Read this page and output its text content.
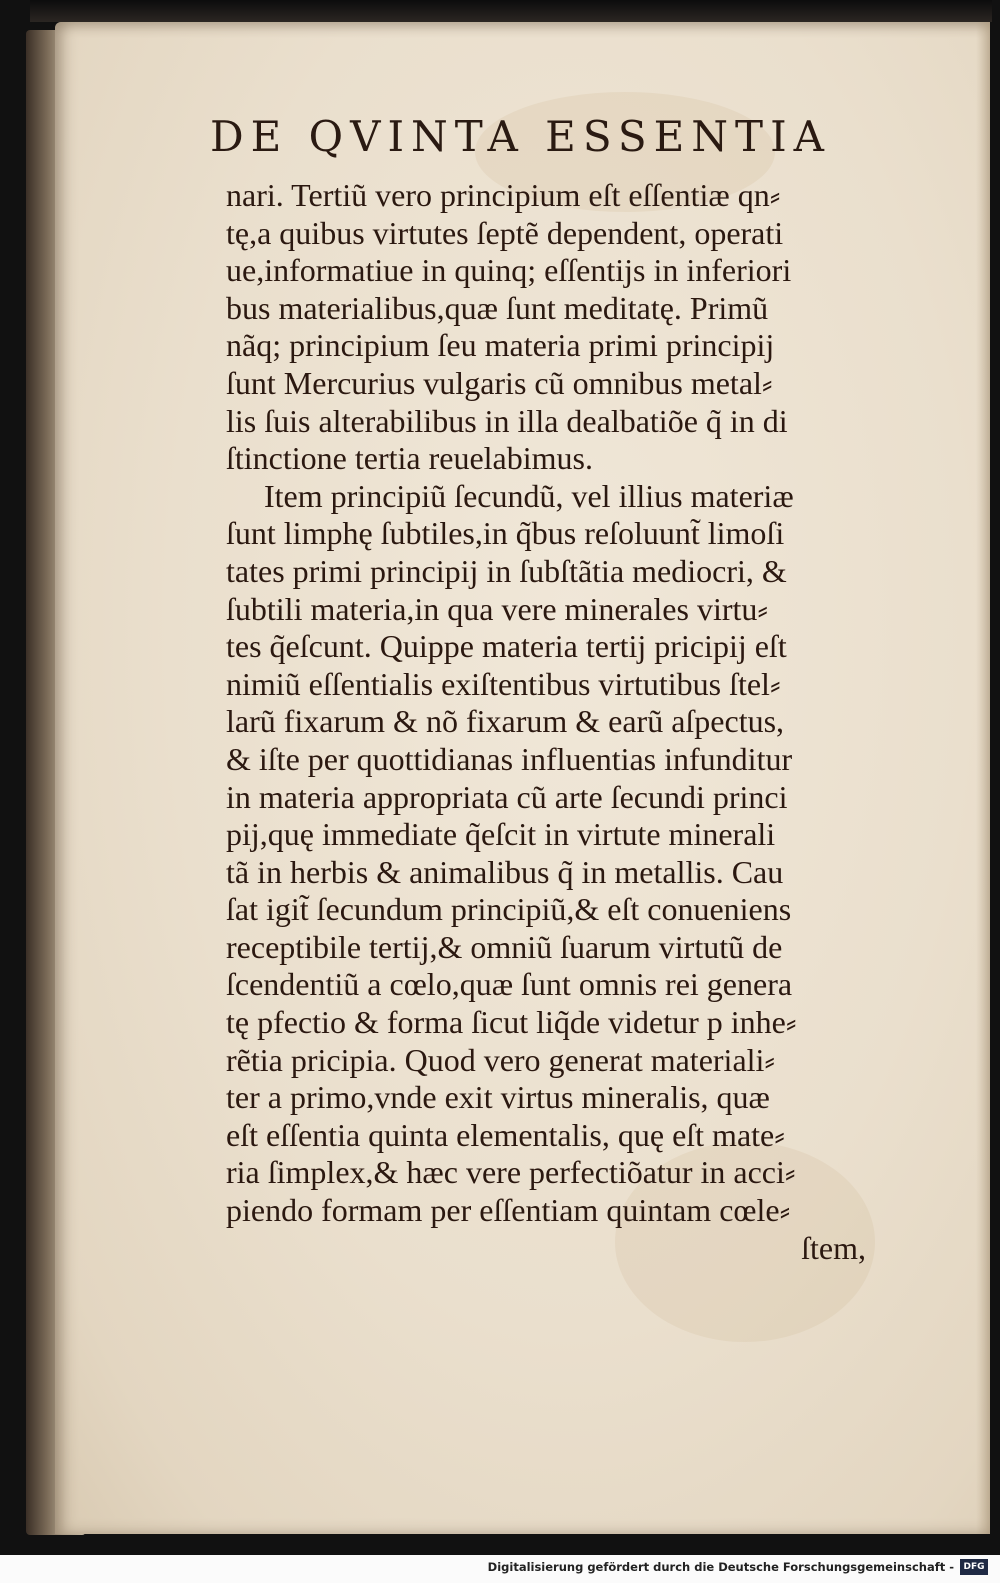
DE QVINTA ESSENTIA
nari. Tertiũ vero principium eſt eſſentiæ qn⸗
tę,a quibus virtutes ſeptẽ dependent, operati
ue,informatiue in quinq; eſſentijs in inferiori
bus materialibus,quæ ſunt meditatę. Primũ
nãq; principium ſeu materia primi principij
ſunt Mercurius vulgaris cũ omnibus metal⸗
lis ſuis alterabilibus in illa dealbatiõe q̃ in di
ſtinctione tertia reuelabimus.
Item principiũ ſecundũ, vel illius materiæ
ſunt limphę ſubtiles,in q̃bus reſoluunt̃ limoſi
tates primi principij in ſubſtãtia mediocri, &
ſubtili materia,in qua vere minerales virtu⸗
tes q̃eſcunt. Quippe materia tertij pricipij eſt
nimiũ eſſentialis exiſtentibus virtutibus ſtel⸗
larũ fixarum & nõ fixarum & earũ aſpectus,
& iſte per quottidianas influentias infunditur
in materia appropriata cũ arte ſecundi princi
pij,quę immediate q̃eſcit in virtute minerali
tã in herbis & animalibus q̃ in metallis. Cau
ſat igit̃ ſecundum principiũ,& eſt conueniens
receptibile tertij,& omniũ ſuarum virtutũ de
ſcendentiũ a cœlo,quæ ſunt omnis rei genera
tę pfectio & forma ſicut liq̃de videtur p inhe⸗
rẽtia pricipia. Quod vero generat materiali⸗
ter a primo,vnde exit virtus mineralis, quæ
eſt eſſentia quinta elementalis, quę eſt mate⸗
ria ſimplex,& hæc vere perfectiõatur in acci⸗
piendo formam per eſſentiam quintam cœle⸗
ſtem,
Digitalisierung gefördert durch die Deutsche Forschungsgemeinschaft -	DFG
